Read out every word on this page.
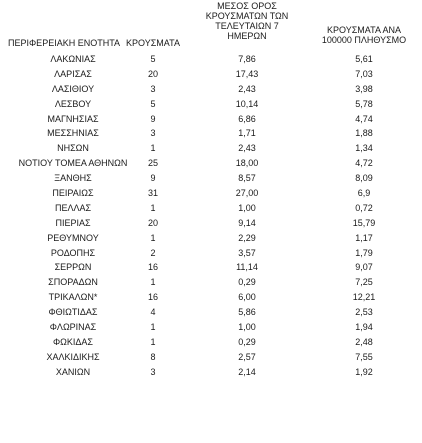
ΠΕΡΙΦΕΡΕΙΑΚΗ ΕΝΟΤΗΤΑ ΚΡΟΥΣΜΑΤΑ
ΜΕΣΟΣ ΟΡΟΣ
ΚΡΟΥΣΜΑΤΩΝ ΤΩΝ
ΤΕΛΕΥΤΑΙΩΝ 7
ΗΜΕΡΩΝ
ΚΡΟΥΣΜΑΤΑ ΑΝΑ
100000 ΠΛΗΘΥΣΜΟ
ΛΑΚΩΝΙΑΣ	5	7,86	5,61
ΛΑΡΙΣΑΣ	20	17,43	7,03
ΛΑΣΙΘΙΟΥ	3	2,43	3,98
ΛΕΣΒΟΥ	5	10,14	5,78
ΜΑΓΝΗΣΙΑΣ	9	6,86	4,74
ΜΕΣΣΗΝΙΑΣ	3	1,71	1,88
ΝΗΣΩΝ	1	2,43	1,34
ΝΟΤΙΟΥ ΤΟΜΕΑ ΑΘΗΝΩΝ	25	18,00	4,72
ΞΑΝΘΗΣ	9	8,57	8,09
ΠΕΙΡΑΙΩΣ	31	27,00	6,9
ΠΕΛΛΑΣ	1	1,00	0,72
ΠΙΕΡΙΑΣ	20	9,14	15,79
ΡΕΘΥΜΝΟΥ	1	2,29	1,17
ΡΟΔΟΠΗΣ	2	3,57	1,79
ΣΕΡΡΩΝ	16	11,14	9,07
ΣΠΟΡΑΔΩΝ	1	0,29	7,25
ΤΡΙΚΑΛΩΝ*	16	6,00	12,21
ΦΘΙΩΤΙΔΑΣ	4	5,86	2,53
ΦΛΩΡΙΝΑΣ	1	1,00	1,94
ΦΩΚΙΔΑΣ	1	0,29	2,48
ΧΑΛΚΙΔΙΚΗΣ	8	2,57	7,55
ΧΑΝΙΩΝ	3	2,14	1,92
